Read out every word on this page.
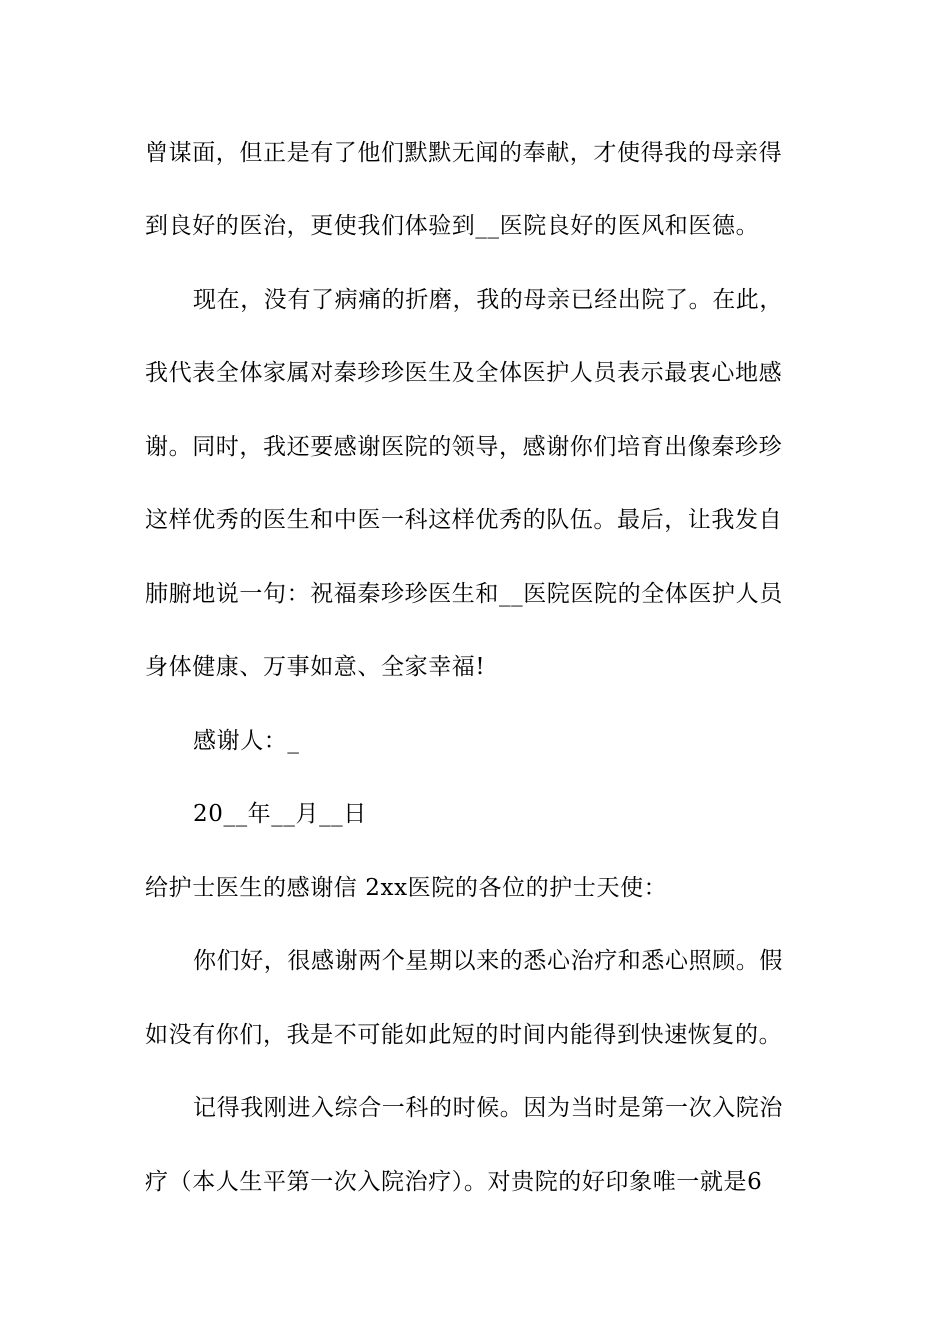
曾谋面，但正是有了他们默默无闻的奉献，才使得我的母亲得
到良好的医治，更使我们体验到__医院良好的医风和医德。
现在，没有了病痛的折磨，我的母亲已经出院了。在此，
我代表全体家属对秦珍珍医生及全体医护人员表示最衷心地感
谢。同时，我还要感谢医院的领导，感谢你们培育出像秦珍珍
这样优秀的医生和中医一科这样优秀的队伍。最后，让我发自
肺腑地说一句：祝福秦珍珍医生和__医院医院的全体医护人员
身体健康、万事如意、全家幸福!
感谢人：_
20__年__月__日
给护士医生的感谢信 2xx医院的各位的护士天使：
你们好，很感谢两个星期以来的悉心治疗和悉心照顾。假
如没有你们，我是不可能如此短的时间内能得到快速恢复的。
记得我刚进入综合一科的时候。因为当时是第一次入院治
疗（本人生平第一次入院治疗）。对贵院的好印象唯一就是6
